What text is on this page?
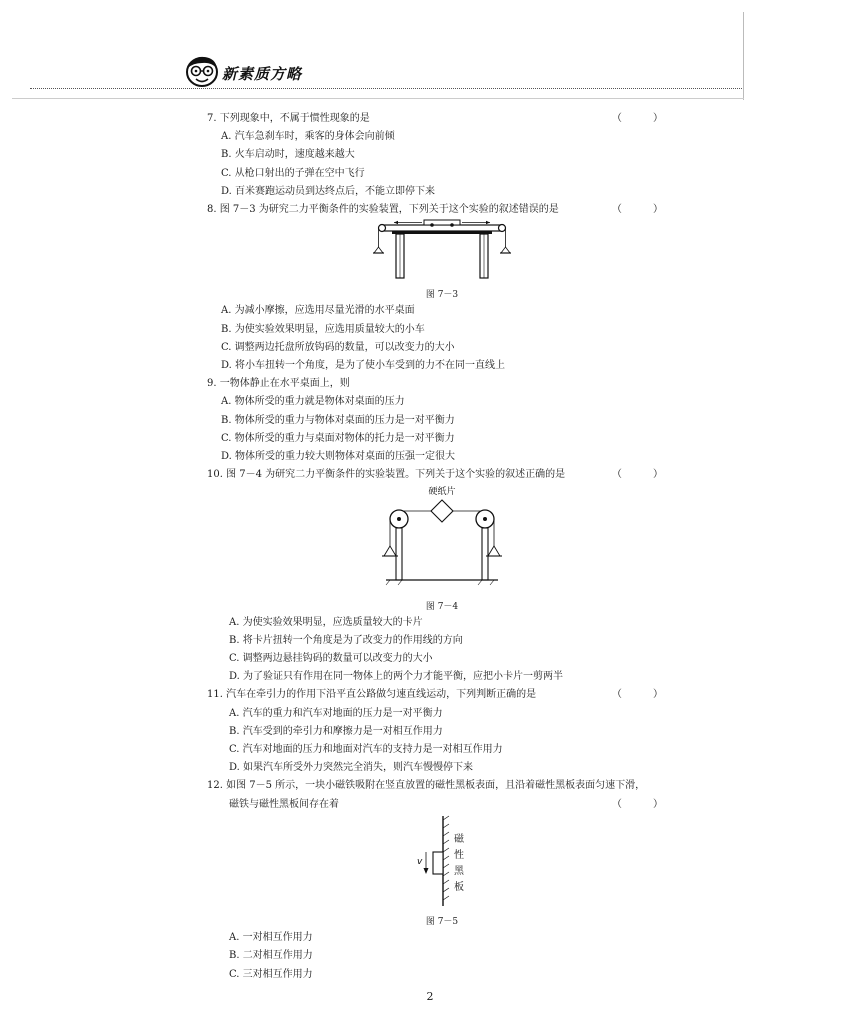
新素质方略
7. 下列现象中，不属于惯性现象的是	（ ）
A. 汽车急刹车时，乘客的身体会向前倾
B. 火车启动时，速度越来越大
C. 从枪口射出的子弹在空中飞行
D. 百米赛跑运动员到达终点后，不能立即停下来
8. 图 7－3 为研究二力平衡条件的实验装置，下列关于这个实验的叙述错误的是	（ ）
图 7－3
A. 为减小摩擦，应选用尽量光滑的水平桌面
B. 为使实验效果明显，应选用质量较大的小车
C. 调整两边托盘所放钩码的数量，可以改变力的大小
D. 将小车扭转一个角度，是为了使小车受到的力不在同一直线上
9. 一物体静止在水平桌面上，则
A. 物体所受的重力就是物体对桌面的压力
B. 物体所受的重力与物体对桌面的压力是一对平衡力
C. 物体所受的重力与桌面对物体的托力是一对平衡力
D. 物体所受的重力较大则物体对桌面的压强一定很大
10. 图 7－4 为研究二力平衡条件的实验装置。下列关于这个实验的叙述正确的是	（ ）
硬纸片
图 7－4
A. 为使实验效果明显，应选质量较大的卡片
B. 将卡片扭转一个角度是为了改变力的作用线的方向
C. 调整两边悬挂钩码的数量可以改变力的大小
D. 为了验证只有作用在同一物体上的两个力才能平衡，应把小卡片一剪两半
11. 汽车在牵引力的作用下沿平直公路做匀速直线运动，下列判断正确的是	（ ）
A. 汽车的重力和汽车对地面的压力是一对平衡力
B. 汽车受到的牵引力和摩擦力是一对相互作用力
C. 汽车对地面的压力和地面对汽车的支持力是一对相互作用力
D. 如果汽车所受外力突然完全消失，则汽车慢慢停下来
12. 如图 7－5 所示，一块小磁铁吸附在竖直放置的磁性黑板表面，且沿着磁性黑板表面匀速下滑，
磁铁与磁性黑板间存在着	（ ）
v
磁
性
黑
板
图 7－5
A. 一对相互作用力
B. 二对相互作用力
C. 三对相互作用力
2
